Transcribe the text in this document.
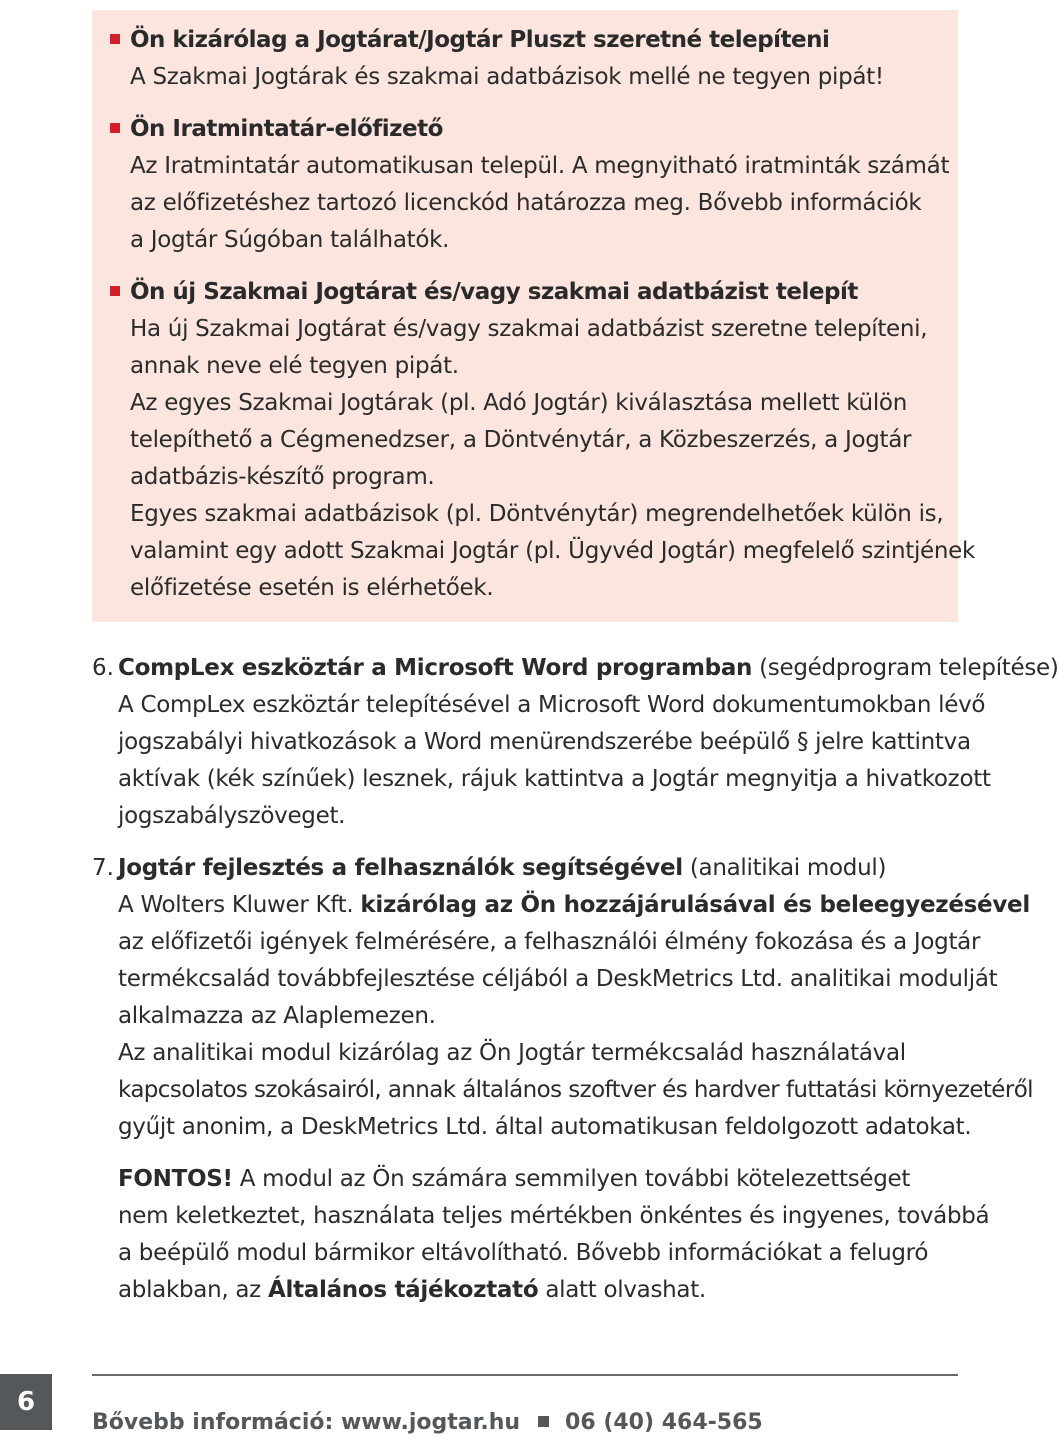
Ön kizárólag a Jogtárat/Jogtár Pluszt szeretné telepíteni
A Szakmai Jogtárak és szakmai adatbázisok mellé ne tegyen pipát!
Ön Iratmintatár-előfizető
Az Iratmintatár automatikusan települ. A megnyitható iratminták számát
az előfizetéshez tartozó licenckód határozza meg. Bővebb információk
a Jogtár Súgóban találhatók.
Ön új Szakmai Jogtárat és/vagy szakmai adatbázist telepít
Ha új Szakmai Jogtárat és/vagy szakmai adatbázist szeretne telepíteni,
annak neve elé tegyen pipát.
Az egyes Szakmai Jogtárak (pl. Adó Jogtár) kiválasztása mellett külön
telepíthető a Cégmenedzser, a Döntvénytár, a Közbeszerzés, a Jogtár
adatbázis-készítő program.
Egyes szakmai adatbázisok (pl. Döntvénytár) megrendelhetőek külön is,
valamint egy adott Szakmai Jogtár (pl. Ügyvéd Jogtár) megfelelő szintjének
előfizetése esetén is elérhetőek.
6. CompLex eszköztár a Microsoft Word programban (segédprogram telepítése)
A CompLex eszköztár telepítésével a Microsoft Word dokumentumokban lévő
jogszabályi hivatkozások a Word menürendszerébe beépülő § jelre kattintva
aktívak (kék színűek) lesznek, rájuk kattintva a Jogtár megnyitja a hivatkozott
jogszabályszöveget.
7. Jogtár fejlesztés a felhasználók segítségével (analitikai modul)
A Wolters Kluwer Kft. kizárólag az Ön hozzájárulásával és beleegyezésével
az előfizetői igények felmérésére, a felhasználói élmény fokozása és a Jogtár
termékcsalád továbbfejlesztése céljából a DeskMetrics Ltd. analitikai modulját
alkalmazza az Alaplemezen.
Az analitikai modul kizárólag az Ön Jogtár termékcsalád használatával
kapcsolatos szokásairól, annak általános szoftver és hardver futtatási környezetéről
gyűjt anonim, a DeskMetrics Ltd. által automatikusan feldolgozott adatokat.
FONTOS! A modul az Ön számára semmilyen további kötelezettséget
nem keletkeztet, használata teljes mértékben önkéntes és ingyenes, továbbá
a beépülő modul bármikor eltávolítható. Bővebb információkat a felugró
ablakban, az Általános tájékoztató alatt olvashat.
6
Bővebb információ: www.jogtar.hu 06 (40) 464-565
